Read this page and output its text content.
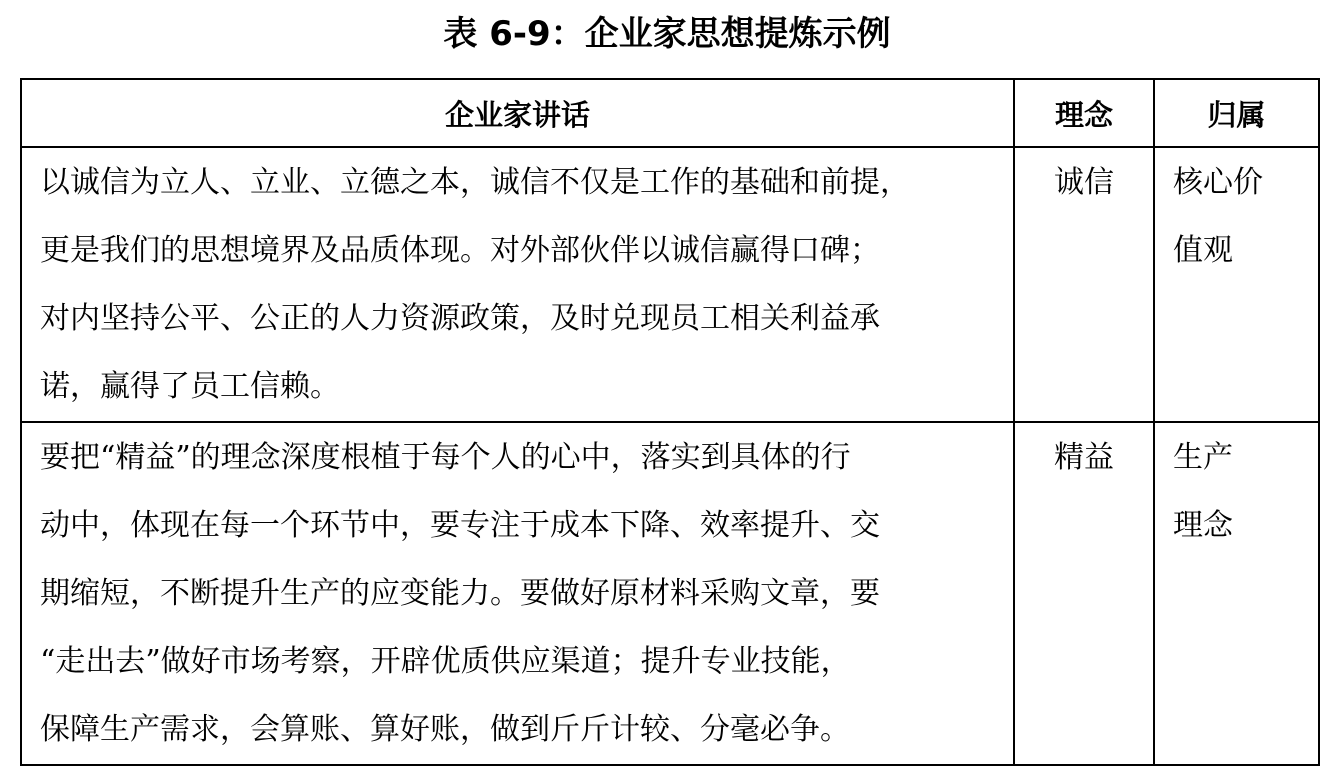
表 6-9：企业家思想提炼示例
企业家讲话	理念	归属

以诚信为立人、立业、立德之本，诚信不仅是工作的基础和前提，
更是我们的思想境界及品质体现。对外部伙伴以诚信赢得口碑；
对内坚持公平、公正的人力资源政策，及时兑现员工相关利益承
诺，赢得了员工信赖。	诚信	核心价
值观

要把“精益”的理念深度根植于每个人的心中，落实到具体的行
动中，体现在每一个环节中，要专注于成本下降、效率提升、交
期缩短，不断提升生产的应变能力。要做好原材料采购文章，要
“走出去”做好市场考察，开辟优质供应渠道；提升专业技能，
保障生产需求，会算账、算好账，做到斤斤计较、分毫必争。	精益	生产
理念
